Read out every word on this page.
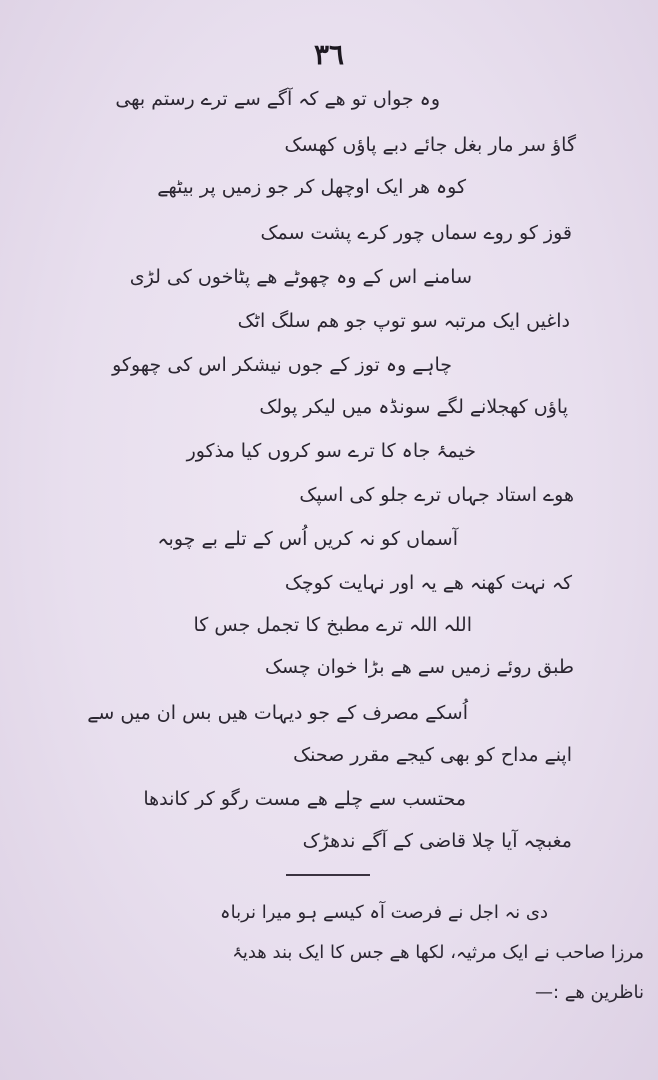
٣٦
وہ جواں تو ھے کہ آگے سے ترے رستم بھی
گاؤ سر مار بغل جائے دبے پاؤں کھسک
کوہ ھر ایک اوچھل کر جو زمیں پر بیٹھے
قوز کو روے سماں چور کرے پشت سمک
سامنے اس کے وہ چھوٹے ھے پٹاخوں کی لڑی
داغیں ایک مرتبہ سو توپ جو ھم سلگ اٹک
چاہے وہ توز کے جوں نیشکر اس کی چھوکو
پاؤں کھجلانے لگے سونڈہ میں لیکر پولک
خیمۂ جاہ کا ترے سو کروں کیا مذکور
ھوے استاد جہاں ترے جلو کی اسپک
آسماں کو نہ کریں اُس کے تلے بے چوبہ
کہ نہت کھنہ ھے یہ اور نہایت کوچک
اللہ اللہ ترے مطبخ کا تجمل جس کا
طبق روئے زمیں سے ھے بڑا خوان چسک
اُسکے مصرف کے جو دیہات ھیں بس ان میں سے
اپنے مداح کو بھی کیجے مقرر صحنک
محتسب سے چلے ھے مست رگو کر کاندھا
مغبچہ آیا چلا قاضی کے آگے ندھڑک
دی نہ اجل نے فرصت آہ کیسے ہو میرا نرباہ
مرزا صاحب نے ایک مرثیہ، لکھا ھے جس کا ایک بند ھدیۂ
ناظرین ھے :—
